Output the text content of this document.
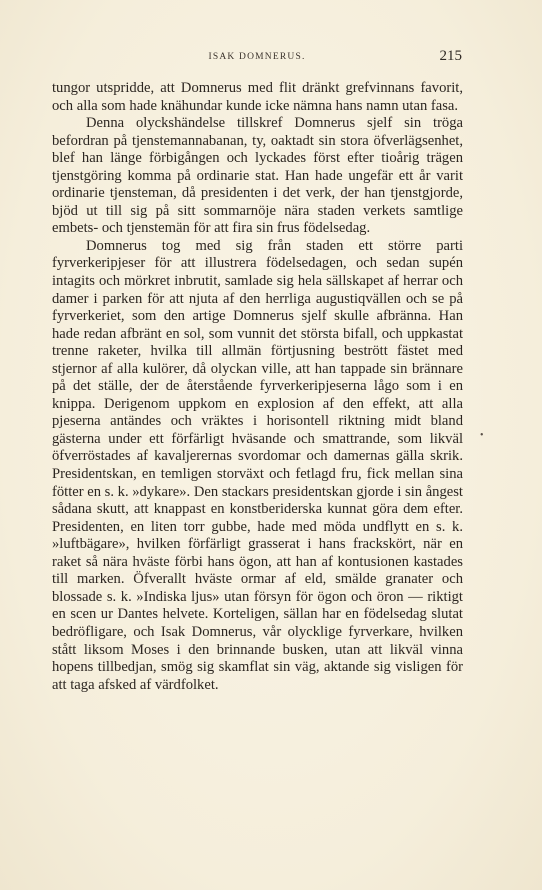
ISAK DOMNERUS.	215

tungor utspridde, att Domnerus med flit dränkt grefvinnans favorit, och alla som hade knähundar kunde icke nämna hans namn utan fasa.

Denna olyckshändelse tillskref Domnerus sjelf sin tröga befordran på tjenstemannabanan, ty, oaktadt sin stora öfverlägsenhet, blef han länge förbigången och lyckades först efter tioårig trägen tjenstgöring komma på ordinarie stat. Han hade ungefär ett år varit ordinarie tjensteman, då presidenten i det verk, der han tjenstgjorde, bjöd ut till sig på sitt sommarnöje nära staden verkets samtlige embets- och tjenstemän för att fira sin frus födelsedag.

Domnerus tog med sig från staden ett större parti fyrverkeripjeser för att illustrera födelsedagen, och sedan supén intagits och mörkret inbrutit, samlade sig hela sällskapet af herrar och damer i parken för att njuta af den herrliga augustiqvällen och se på fyrverkeriet, som den artige Domnerus sjelf skulle afbränna. Han hade redan afbränt en sol, som vunnit det största bifall, och uppkastat trenne raketer, hvilka till allmän förtjusning bestrött fästet med stjernor af alla kulörer, då olyckan ville, att han tappade sin brännare på det ställe, der de återstående fyrverkeripjeserna lågo som i en knippa. Derigenom uppkom en explosion af den effekt, att alla pjeserna antändes och vräktes i horisontell riktning midt bland gästerna under ett förfärligt hväsande och smattrande, som likväl öfverröstades af kavaljerernas svordomar och damernas gälla skrik. Presidentskan, en temligen storväxt och fetlagd fru, fick mellan sina fötter en s. k. »dykare». Den stackars presidentskan gjorde i sin ångest sådana skutt, att knappast en konstberiderska kunnat göra dem efter. Presidenten, en liten torr gubbe, hade med möda undflytt en s. k. »luftbägare», hvilken förfärligt grasserat i hans frackskört, när en raket så nära hväste förbi hans ögon, att han af kontusionen kastades till marken. Öfverallt hväste ormar af eld, smälde granater och blossade s. k. »Indiska ljus» utan försyn för ögon och öron — riktigt en scen ur Dantes helvete. Korteligen, sällan har en födelsedag slutat bedröfligare, och Isak Domnerus, vår olycklige fyrverkare, hvilken stått liksom Moses i den brinnande busken, utan att likväl vinna hopens tillbedjan, smög sig skamflat sin väg, aktande sig visligen för att taga afsked af värdfolket.

•
